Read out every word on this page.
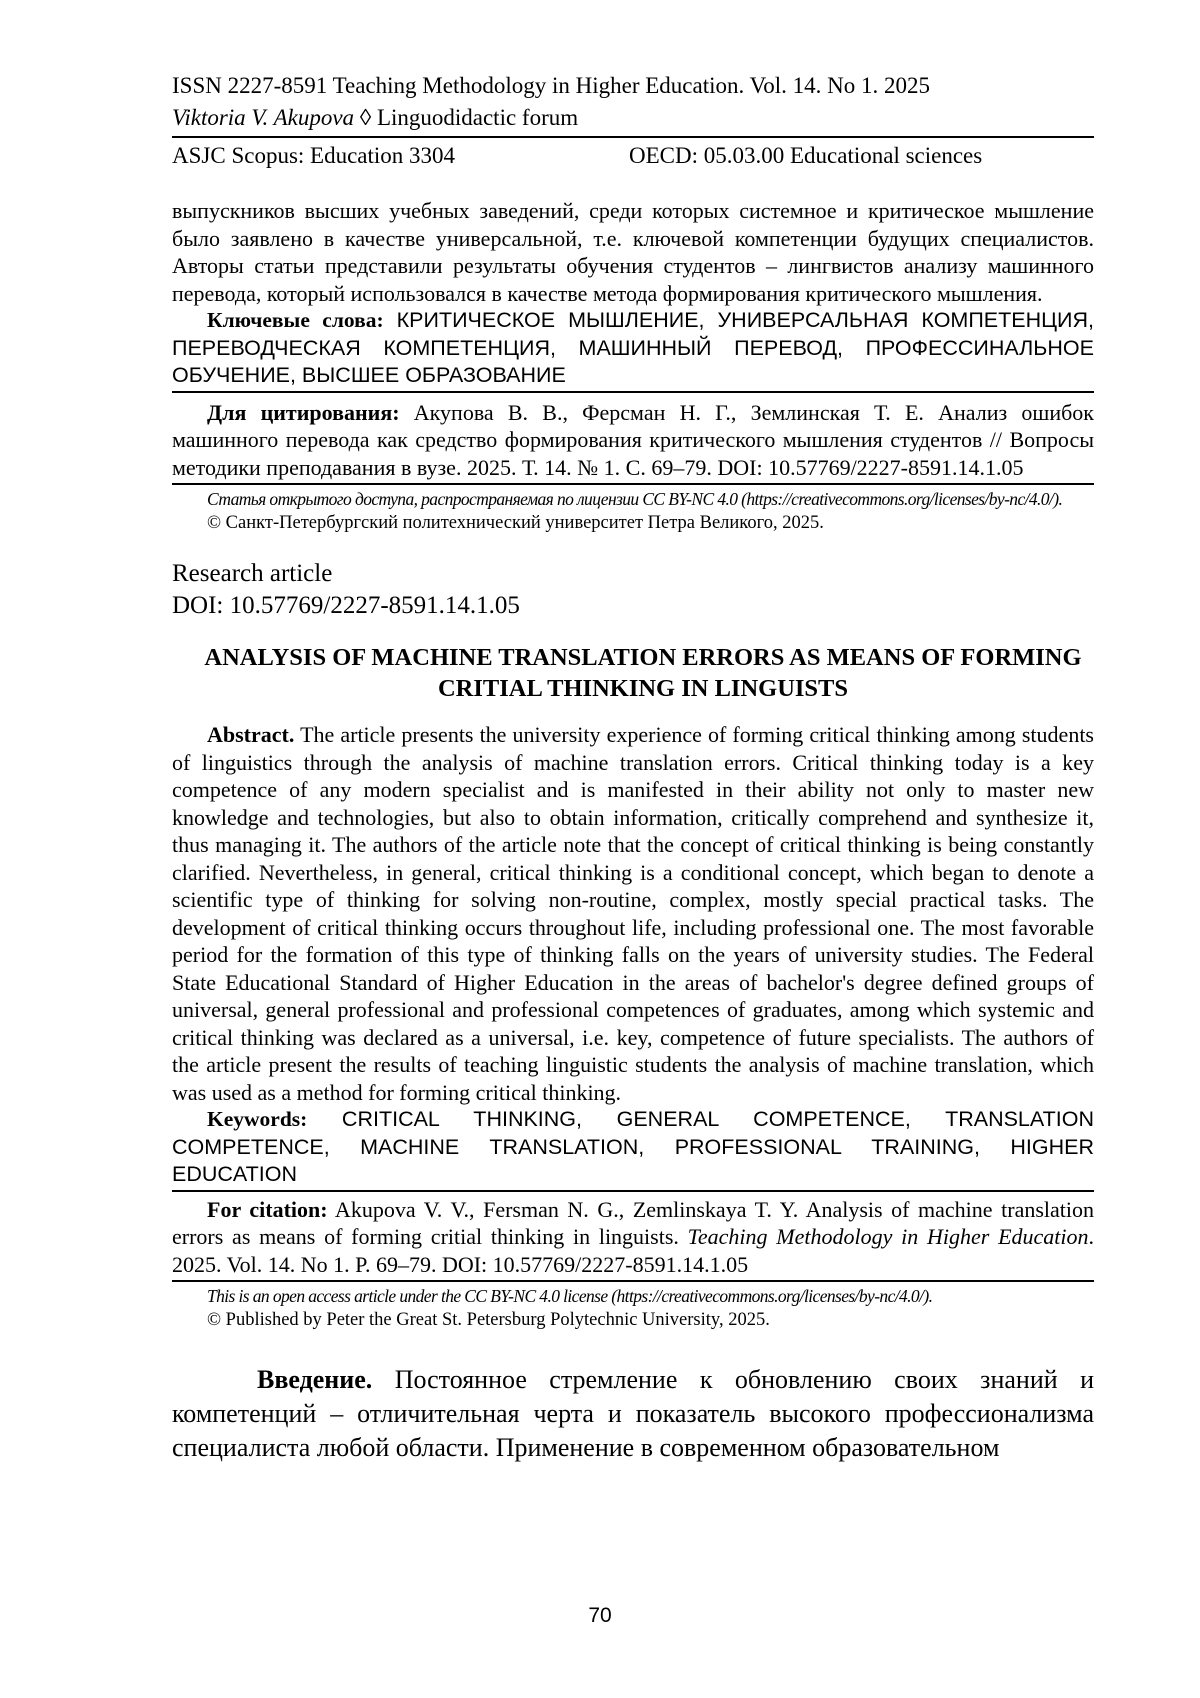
ISSN 2227-8591 Teaching Methodology in Higher Education. Vol. 14. No 1. 2025
Viktoria V. Akupova ◊ Linguodidactic forum
ASJC Scopus: Education 3304	OECD: 05.03.00 Educational sciences
выпускников высших учебных заведений, среди которых системное и критическое мышление было заявлено в качестве универсальной, т.е. ключевой компетенции будущих специалистов. Авторы статьи представили результаты обучения студентов – лингвистов анализу машинного перевода, который использовался в качестве метода формирования критического мышления.
Ключевые слова: КРИТИЧЕСКОЕ МЫШЛЕНИЕ, УНИВЕРСАЛЬНАЯ КОМПЕТЕНЦИЯ, ПЕРЕВОДЧЕСКАЯ КОМПЕТЕНЦИЯ, МАШИННЫЙ ПЕРЕВОД, ПРОФЕССИНАЛЬНОЕ ОБУЧЕНИЕ, ВЫСШЕЕ ОБРАЗОВАНИЕ
Для цитирования: Акупова В. В., Ферсман Н. Г., Землинская Т. Е. Анализ ошибок машинного перевода как средство формирования критического мышления студентов // Вопросы методики преподавания в вузе. 2025. Т. 14. № 1. С. 69–79. DOI: 10.57769/2227-8591.14.1.05
Статья открытого доступа, распространяемая по лицензии CC BY-NC 4.0 (https://creativecommons.org/licenses/by-nc/4.0/).
© Санкт-Петербургский политехнический университет Петра Великого, 2025.
Research article
DOI: 10.57769/2227-8591.14.1.05
ANALYSIS OF MACHINE TRANSLATION ERRORS AS MEANS OF FORMING CRITIAL THINKING IN LINGUISTS
Abstract. The article presents the university experience of forming critical thinking among students of linguistics through the analysis of machine translation errors. Critical thinking today is a key competence of any modern specialist and is manifested in their ability not only to master new knowledge and technologies, but also to obtain information, critically comprehend and synthesize it, thus managing it. The authors of the article note that the concept of critical thinking is being constantly clarified. Nevertheless, in general, critical thinking is a conditional concept, which began to denote a scientific type of thinking for solving non-routine, complex, mostly special practical tasks. The development of critical thinking occurs throughout life, including professional one. The most favorable period for the formation of this type of thinking falls on the years of university studies. The Federal State Educational Standard of Higher Education in the areas of bachelor's degree defined groups of universal, general professional and professional competences of graduates, among which systemic and critical thinking was declared as a universal, i.e. key, competence of future specialists. The authors of the article present the results of teaching linguistic students the analysis of machine translation, which was used as a method for forming critical thinking.
Keywords: CRITICAL THINKING, GENERAL COMPETENCE, TRANSLATION COMPETENCE, MACHINE TRANSLATION, PROFESSIONAL TRAINING, HIGHER EDUCATION
For citation: Akupova V. V., Fersman N. G., Zemlinskaya T. Y. Analysis of machine translation errors as means of forming critial thinking in linguists. Teaching Methodology in Higher Education. 2025. Vol. 14. No 1. P. 69–79. DOI: 10.57769/2227-8591.14.1.05
This is an open access article under the CC BY-NC 4.0 license (https://creativecommons.org/licenses/by-nc/4.0/).
© Published by Peter the Great St. Petersburg Polytechnic University, 2025.
Введение. Постоянное стремление к обновлению своих знаний и компетенций – отличительная черта и показатель высокого профессионализма специалиста любой области. Применение в современном образовательном
70
